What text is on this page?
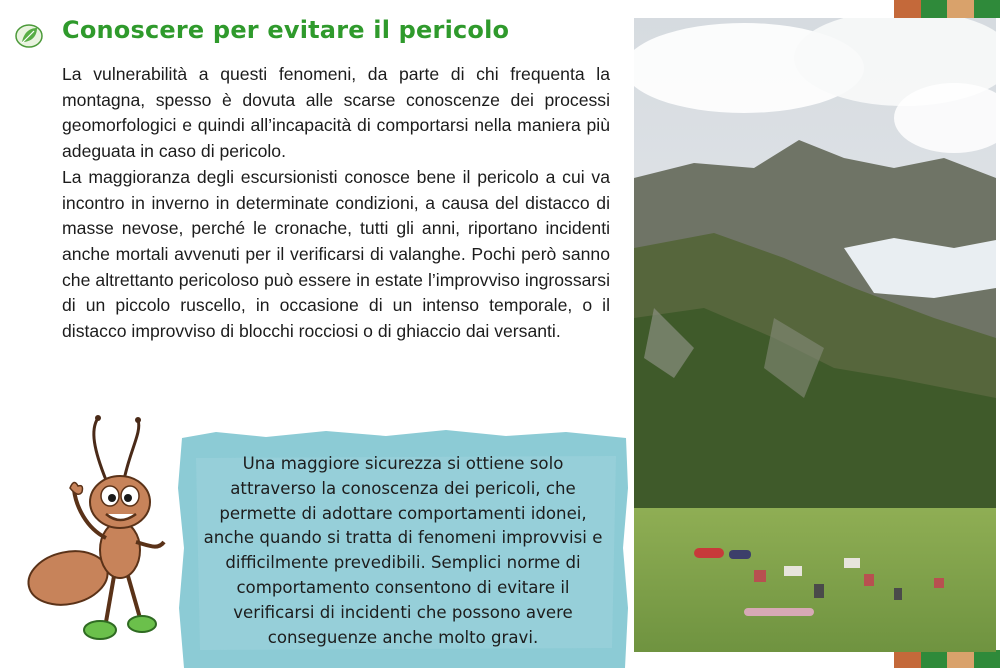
Conoscere per evitare il pericolo

La vulnerabilità a questi fenomeni, da parte di chi frequenta la montagna, spesso è dovuta alle scarse conoscenze dei processi geomorfologici e quindi all’incapacità di comportarsi nella maniera più adeguata in caso di pericolo.

La maggioranza degli escursionisti conosce bene il pericolo a cui va incontro in inverno in determinate condizioni, a causa del distacco di masse nevose, perché le cronache, tutti gli anni, riportano incidenti anche mortali avvenuti per il verificarsi di valanghe. Pochi però sanno che altrettanto pericoloso può essere in estate l’improvviso ingrossarsi di un piccolo ruscello, in occasione di un intenso temporale, o il distacco improvviso di blocchi rocciosi o di ghiaccio dai versanti.

Una maggiore sicurezza si ottiene solo attraverso la conoscenza dei pericoli, che permette di adottare comportamenti idonei, anche quando si tratta di fenomeni improvvisi e difficilmente prevedibili. Semplici norme di comportamento consentono di evitare il verificarsi di incidenti che possono avere conseguenze anche molto gravi.
